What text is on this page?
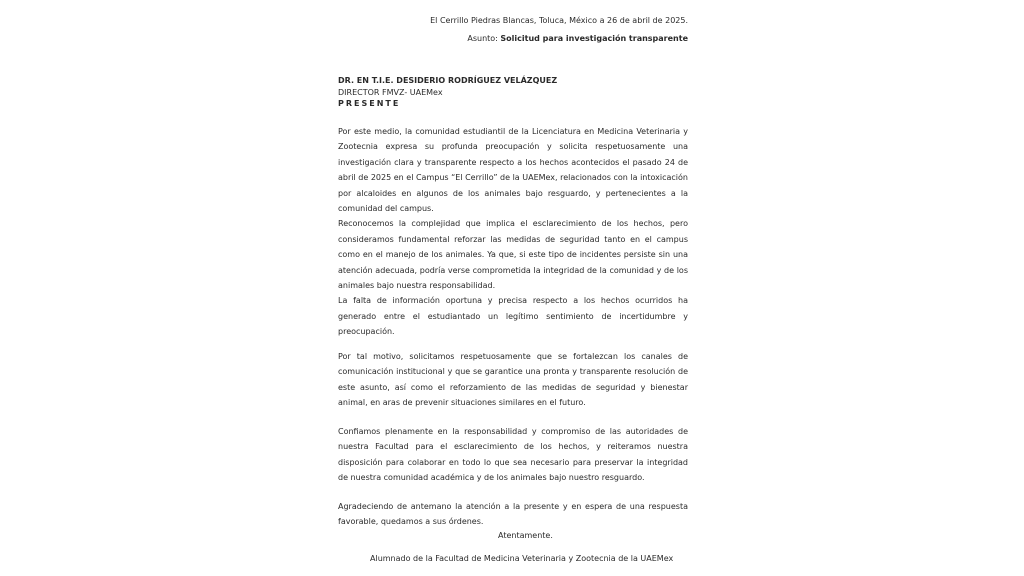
El Cerrillo Piedras Blancas, Toluca, México a 26 de abril de 2025.
Asunto: Solicitud para investigación transparente
DR. EN T.I.E. DESIDERIO RODRÍGUEZ VELÁZQUEZ
DIRECTOR FMVZ- UAEMex
PRESENTE

Por este medio, la comunidad estudiantil de la Licenciatura en Medicina Veterinaria y Zootecnia expresa su profunda preocupación y solicita respetuosamente una investigación clara y transparente respecto a los hechos acontecidos el pasado 24 de abril de 2025 en el Campus “El Cerrillo” de la UAEMex, relacionados con la intoxicación por alcaloides en algunos de los animales bajo resguardo, y pertenecientes a la comunidad del campus.

Reconocemos la complejidad que implica el esclarecimiento de los hechos, pero consideramos fundamental reforzar las medidas de seguridad tanto en el campus como en el manejo de los animales. Ya que, si este tipo de incidentes persiste sin una atención adecuada, podría verse comprometida la integridad de la comunidad y de los animales bajo nuestra responsabilidad.

La falta de información oportuna y precisa respecto a los hechos ocurridos ha generado entre el estudiantado un legítimo sentimiento de incertidumbre y preocupación.

Por tal motivo, solicitamos respetuosamente que se fortalezcan los canales de comunicación institucional y que se garantice una pronta y transparente resolución de este asunto, así como el reforzamiento de las medidas de seguridad y bienestar animal, en aras de prevenir situaciones similares en el futuro.

Confiamos plenamente en la responsabilidad y compromiso de las autoridades de nuestra Facultad para el esclarecimiento de los hechos, y reiteramos nuestra disposición para colaborar en todo lo que sea necesario para preservar la integridad de nuestra comunidad académica y de los animales bajo nuestro resguardo.

Agradeciendo de antemano la atención a la presente y en espera de una respuesta favorable, quedamos a sus órdenes.

Atentamente.
Alumnado de la Facultad de Medicina Veterinaria y Zootecnia de la UAEMex
